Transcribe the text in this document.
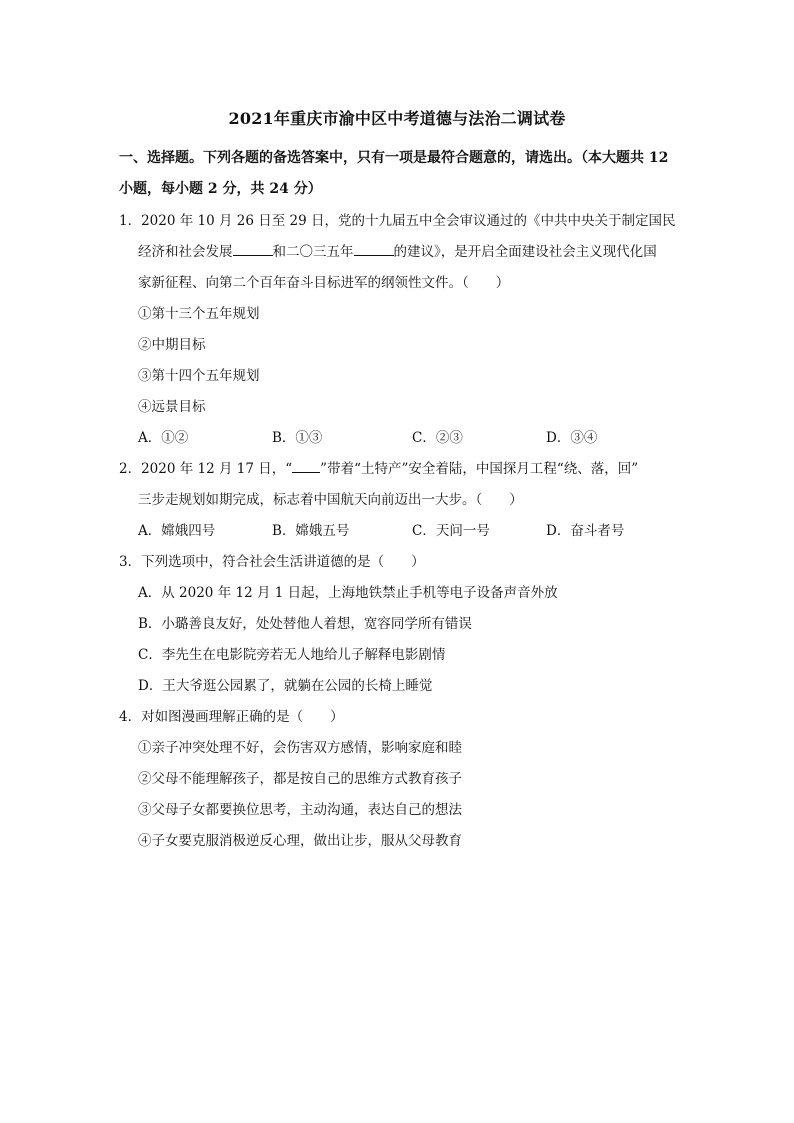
2021年重庆市渝中区中考道德与法治二调试卷
一、选择题。下列各题的备选答案中，只有一项是最符合题意的，请选出。（本大题共 12
小题，每小题 2 分，共 24 分）
1．2020 年 10 月 26 日至 29 日，党的十九届五中全会审议通过的《中共中央关于制定国民
经济和社会发展	和二〇三五年	的建议》，是开启全面建设社会主义现代化国
家新征程、向第二个百年奋斗目标进军的纲领性文件。（　　）
①第十三个五年规划
②中期目标
③第十四个五年规划
④远景目标
A．①②	B．①③	C．②③	D．③④
2．2020 年 12 月 17 日，“ ”带着“土特产”安全着陆，中国探月工程“绕、落，回”
三步走规划如期完成，标志着中国航天向前迈出一大步。（　　）
A．嫦娥四号	B．嫦娥五号	C．天问一号	D．奋斗者号
3．下列选项中，符合社会生活讲道德的是（　　）
A．从 2020 年 12 月 1 日起，上海地铁禁止手机等电子设备声音外放
B．小璐善良友好，处处替他人着想，宽容同学所有错误
C．李先生在电影院旁若无人地给儿子解释电影剧情
D．王大爷逛公园累了，就躺在公园的长椅上睡觉
4．对如图漫画理解正确的是（　　）
①亲子冲突处理不好，会伤害双方感情，影响家庭和睦
②父母不能理解孩子，都是按自己的思维方式教育孩子
③父母子女都要换位思考，主动沟通，表达自己的想法
④子女要克服消极逆反心理，做出让步，服从父母教育
